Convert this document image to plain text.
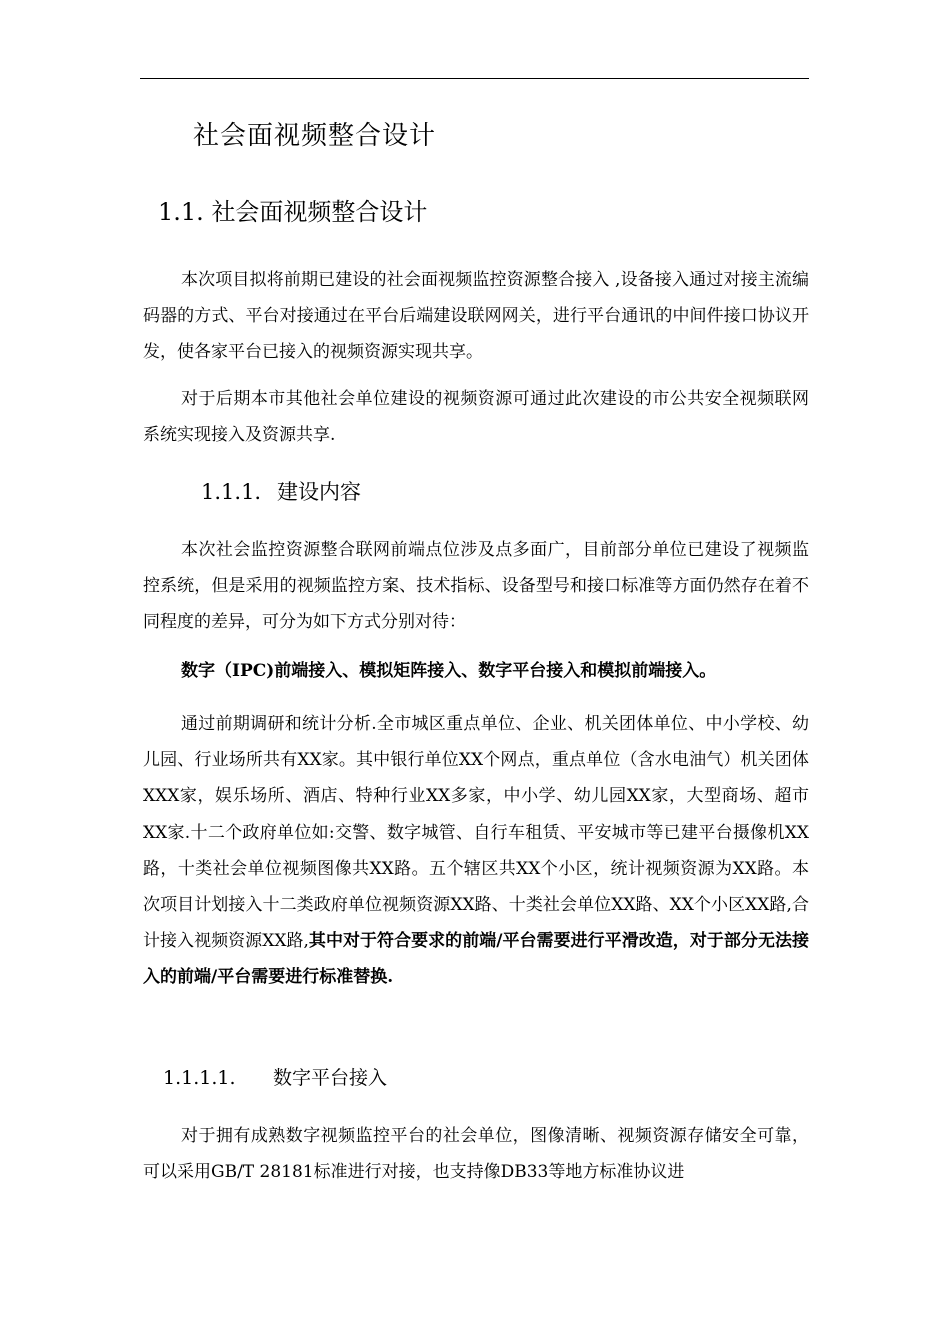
社会面视频整合设计
1.1. 社会面视频整合设计
本次项目拟将前期已建设的社会面视频监控资源整合接入 ,设备接入通过对接主流编码器的方式、平台对接通过在平台后端建设联网网关，进行平台通讯的中间件接口协议开发，使各家平台已接入的视频资源实现共享。
对于后期本市其他社会单位建设的视频资源可通过此次建设的市公共安全视频联网系统实现接入及资源共享.
1.1.1. 建设内容
本次社会监控资源整合联网前端点位涉及点多面广，目前部分单位已建设了视频监控系统，但是采用的视频监控方案、技术指标、设备型号和接口标准等方面仍然存在着不同程度的差异，可分为如下方式分别对待：
数字（IPC)前端接入、模拟矩阵接入、数字平台接入和模拟前端接入。
通过前期调研和统计分析.全市城区重点单位、企业、机关团体单位、中小学校、幼儿园、行业场所共有XX家。其中银行单位XX个网点，重点单位（含水电油气）机关团体XXX家，娱乐场所、酒店、特种行业XX多家，中小学、幼儿园XX家，大型商场、超市XX家.十二个政府单位如:交警、数字城管、自行车租赁、平安城市等已建平台摄像机XX路，十类社会单位视频图像共XX路。五个辖区共XX个小区，统计视频资源为XX路。本次项目计划接入十二类政府单位视频资源XX路、十类社会单位XX路、XX个小区XX路,合计接入视频资源XX路,其中对于符合要求的前端/平台需要进行平滑改造，对于部分无法接入的前端/平台需要进行标准替换.
1.1.1.1. 数字平台接入
对于拥有成熟数字视频监控平台的社会单位，图像清晰、视频资源存储安全可靠，可以采用GB/T 28181标准进行对接，也支持像DB33等地方标准协议进
